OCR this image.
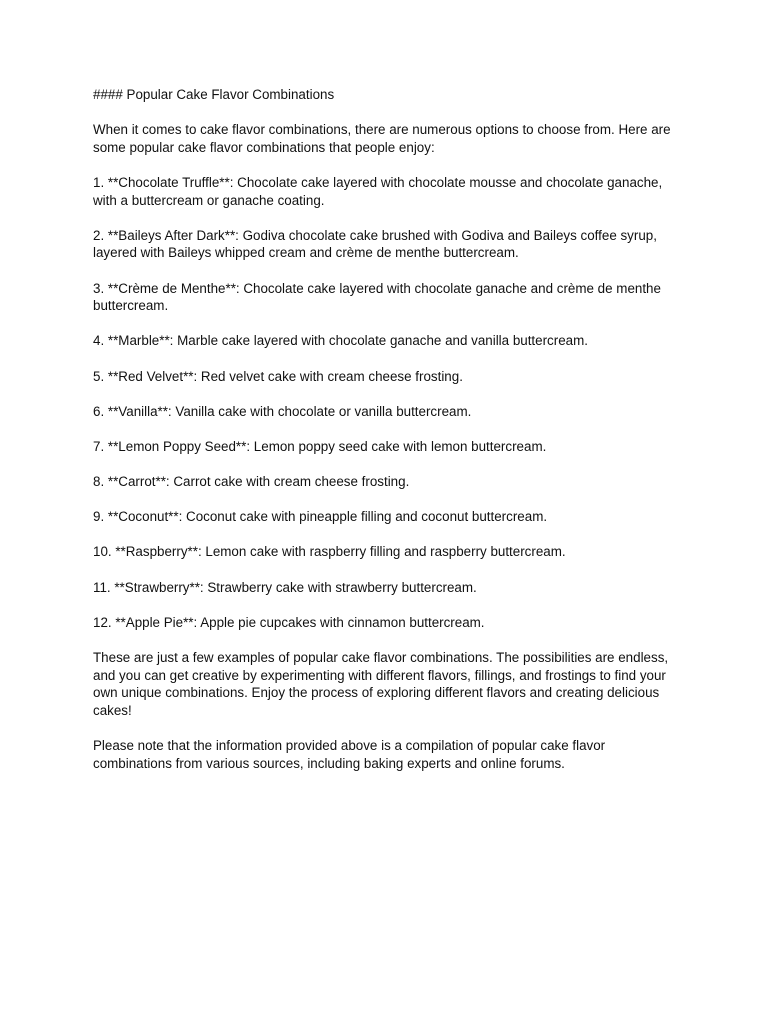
#### Popular Cake Flavor Combinations

When it comes to cake flavor combinations, there are numerous options to choose from. Here are some popular cake flavor combinations that people enjoy:

1. **Chocolate Truffle**: Chocolate cake layered with chocolate mousse and chocolate ganache, with a buttercream or ganache coating.

2. **Baileys After Dark**: Godiva chocolate cake brushed with Godiva and Baileys coffee syrup, layered with Baileys whipped cream and crème de menthe buttercream.

3. **Crème de Menthe**: Chocolate cake layered with chocolate ganache and crème de menthe buttercream.

4. **Marble**: Marble cake layered with chocolate ganache and vanilla buttercream.

5. **Red Velvet**: Red velvet cake with cream cheese frosting.

6. **Vanilla**: Vanilla cake with chocolate or vanilla buttercream.

7. **Lemon Poppy Seed**: Lemon poppy seed cake with lemon buttercream.

8. **Carrot**: Carrot cake with cream cheese frosting.

9. **Coconut**: Coconut cake with pineapple filling and coconut buttercream.

10. **Raspberry**: Lemon cake with raspberry filling and raspberry buttercream.

11. **Strawberry**: Strawberry cake with strawberry buttercream.

12. **Apple Pie**: Apple pie cupcakes with cinnamon buttercream.

These are just a few examples of popular cake flavor combinations. The possibilities are endless, and you can get creative by experimenting with different flavors, fillings, and frostings to find your own unique combinations. Enjoy the process of exploring different flavors and creating delicious cakes!

Please note that the information provided above is a compilation of popular cake flavor combinations from various sources, including baking experts and online forums.
